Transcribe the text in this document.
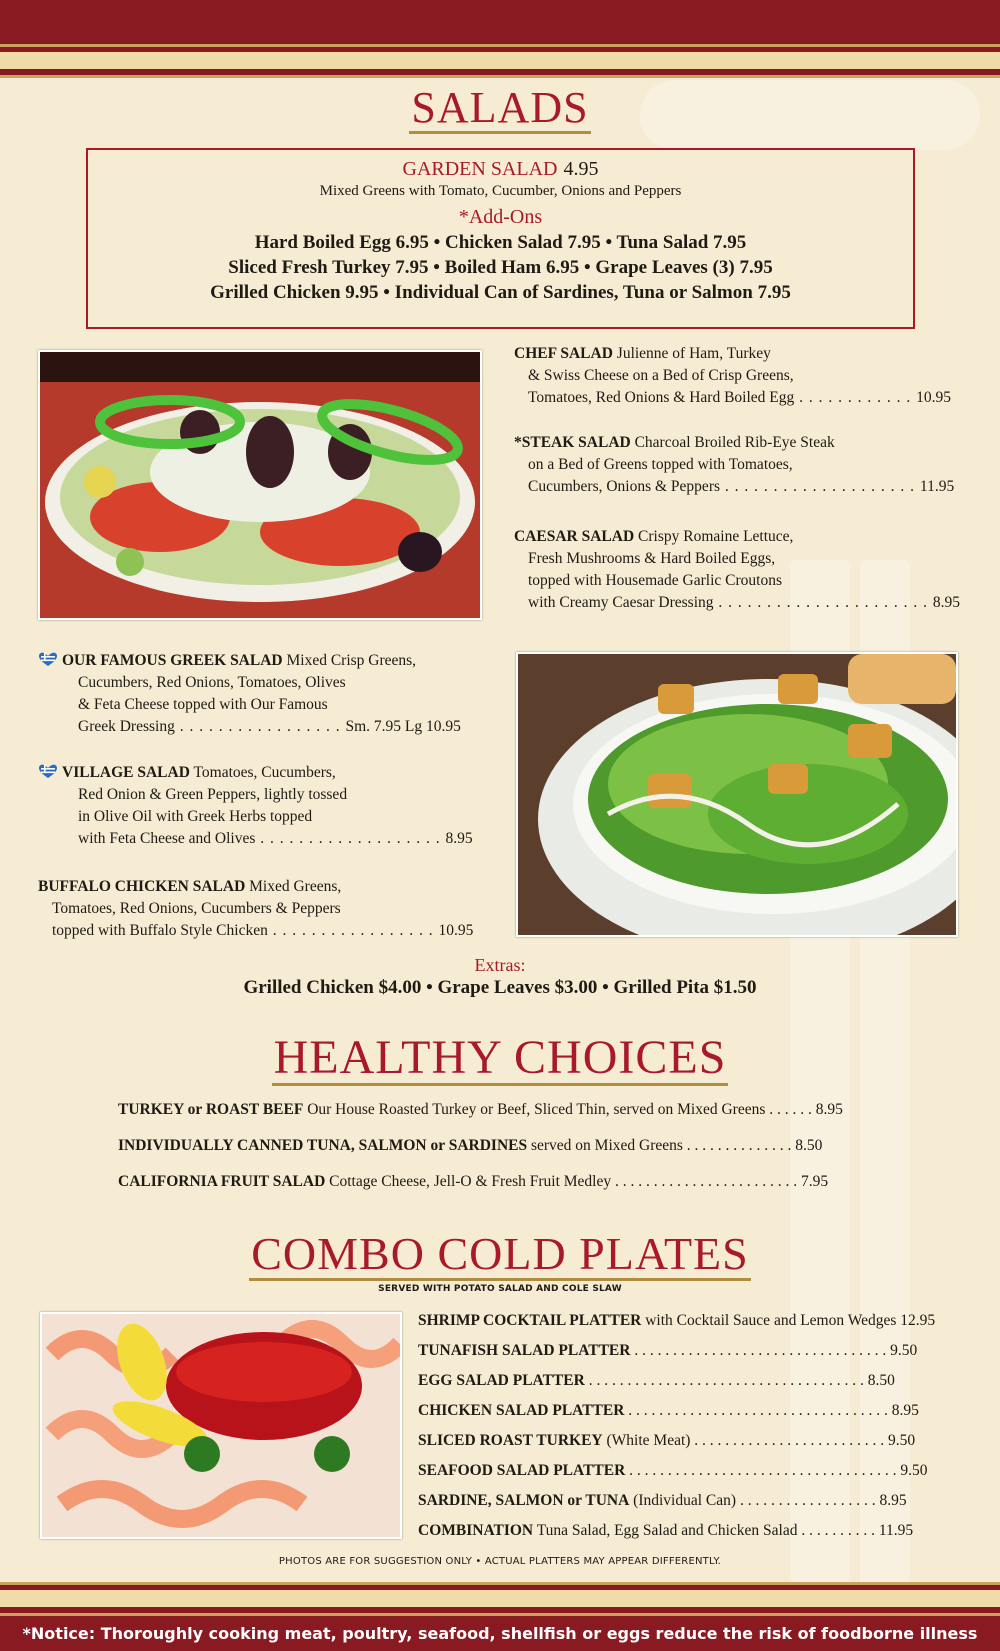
SALADS
GARDEN SALAD 4.95
Mixed Greens with Tomato, Cucumber, Onions and Peppers
*Add-Ons
Hard Boiled Egg 6.95 • Chicken Salad 7.95 • Tuna Salad 7.95
Sliced Fresh Turkey 7.95 • Boiled Ham 6.95 • Grape Leaves (3) 7.95
Grilled Chicken 9.95 • Individual Can of Sardines, Tuna or Salmon 7.95
CHEF SALAD Julienne of Ham, Turkey
& Swiss Cheese on a Bed of Crisp Greens,
Tomatoes, Red Onions & Hard Boiled Egg . . . . . . . . . . . . 10.95
*STEAK SALAD Charcoal Broiled Rib-Eye Steak
on a Bed of Greens topped with Tomatoes,
Cucumbers, Onions & Peppers . . . . . . . . . . . . . . . . . . . . 11.95
CAESAR SALAD Crispy Romaine Lettuce,
Fresh Mushrooms & Hard Boiled Eggs,
topped with Housemade Garlic Croutons
with Creamy Caesar Dressing . . . . . . . . . . . . . . . . . . . . . . 8.95
OUR FAMOUS GREEK SALAD Mixed Crisp Greens,
Cucumbers, Red Onions, Tomatoes, Olives
& Feta Cheese topped with Our Famous
Greek Dressing . . . . . . . . . . . . . . . . . Sm. 7.95 Lg 10.95
VILLAGE SALAD Tomatoes, Cucumbers,
Red Onion & Green Peppers, lightly tossed
in Olive Oil with Greek Herbs topped
with Feta Cheese and Olives . . . . . . . . . . . . . . . . . . . 8.95
BUFFALO CHICKEN SALAD Mixed Greens,
Tomatoes, Red Onions, Cucumbers & Peppers
topped with Buffalo Style Chicken . . . . . . . . . . . . . . . . . 10.95
Extras:
Grilled Chicken $4.00 • Grape Leaves $3.00 • Grilled Pita $1.50
HEALTHY CHOICES
TURKEY or ROAST BEEF Our House Roasted Turkey or Beef, Sliced Thin, served on Mixed Greens . . . . . . 8.95
INDIVIDUALLY CANNED TUNA, SALMON or SARDINES served on Mixed Greens . . . . . . . . . . . . . . 8.50
CALIFORNIA FRUIT SALAD Cottage Cheese, Jell-O & Fresh Fruit Medley . . . . . . . . . . . . . . . . . . . . . . . . 7.95
COMBO COLD PLATES
SERVED WITH POTATO SALAD AND COLE SLAW
SHRIMP COCKTAIL PLATTER with Cocktail Sauce and Lemon Wedges 12.95
TUNAFISH SALAD PLATTER . . . . . . . . . . . . . . . . . . . . . . . . . . . . . . . . . 9.50
EGG SALAD PLATTER . . . . . . . . . . . . . . . . . . . . . . . . . . . . . . . . . . . . 8.50
CHICKEN SALAD PLATTER . . . . . . . . . . . . . . . . . . . . . . . . . . . . . . . . . . 8.95
SLICED ROAST TURKEY (White Meat) . . . . . . . . . . . . . . . . . . . . . . . . . 9.50
SEAFOOD SALAD PLATTER . . . . . . . . . . . . . . . . . . . . . . . . . . . . . . . . . . . 9.50
SARDINE, SALMON or TUNA (Individual Can) . . . . . . . . . . . . . . . . . . 8.95
COMBINATION Tuna Salad, Egg Salad and Chicken Salad . . . . . . . . . . 11.95
PHOTOS ARE FOR SUGGESTION ONLY • ACTUAL PLATTERS MAY APPEAR DIFFERENTLY.
*Notice: Thoroughly cooking meat, poultry, seafood, shellfish or eggs reduce the risk of foodborne illness
